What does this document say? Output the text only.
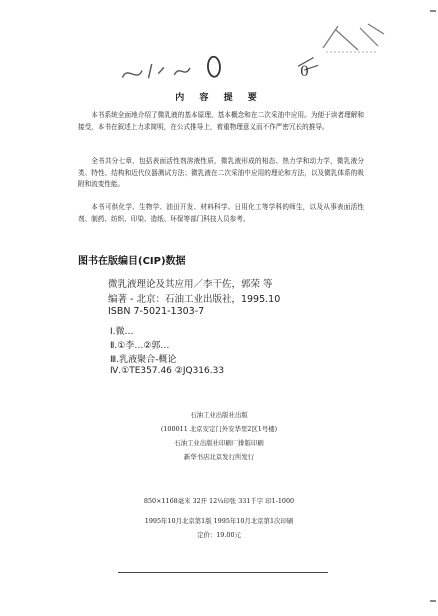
0
内 容 提 要
本书系统全面地介绍了微乳液的基本原理、基本概念和在二次采油中应用。为便于读者理解和接受，本书在叙述上力求简明，在公式推导上，着重物理意义而不作严密冗长的推导。
全书共分七章，包括表面活性剂溶液性质，微乳液形成的相态、热力学和动力学，微乳液分类、特性、结构和近代仪器测试方法；微乳液在二次采油中应用的理论和方法，以及微乳体系的吸附和流变性能。
本书可供化学、生物学、油田开发、材料科学、日用化工等学科的师生，以及从事表面活性剂、制药、纺织、印染、造纸、环保等部门科技人员参考。
图书在版编目(CIP)数据
微乳液理论及其应用／李干佐，郭荣 等
编著 - 北京：石油工业出版社，1995.10
ISBN 7-5021-1303-7
Ⅰ.微…
Ⅱ.①李…②郭…
Ⅲ.乳液聚合-概论
Ⅳ.①TE357.46 ②JQ316.33
石油工业出版社出版
(100011 北京安定门外安华里2区1号楼)
石油工业出版社印刷厂排版印刷
新华书店北京发行所发行
850×1168毫米 32开 12¼印张 331千字 印1-1000
1995年10月北京第1版 1995年10月北京第1次印刷
定价：19.00元
